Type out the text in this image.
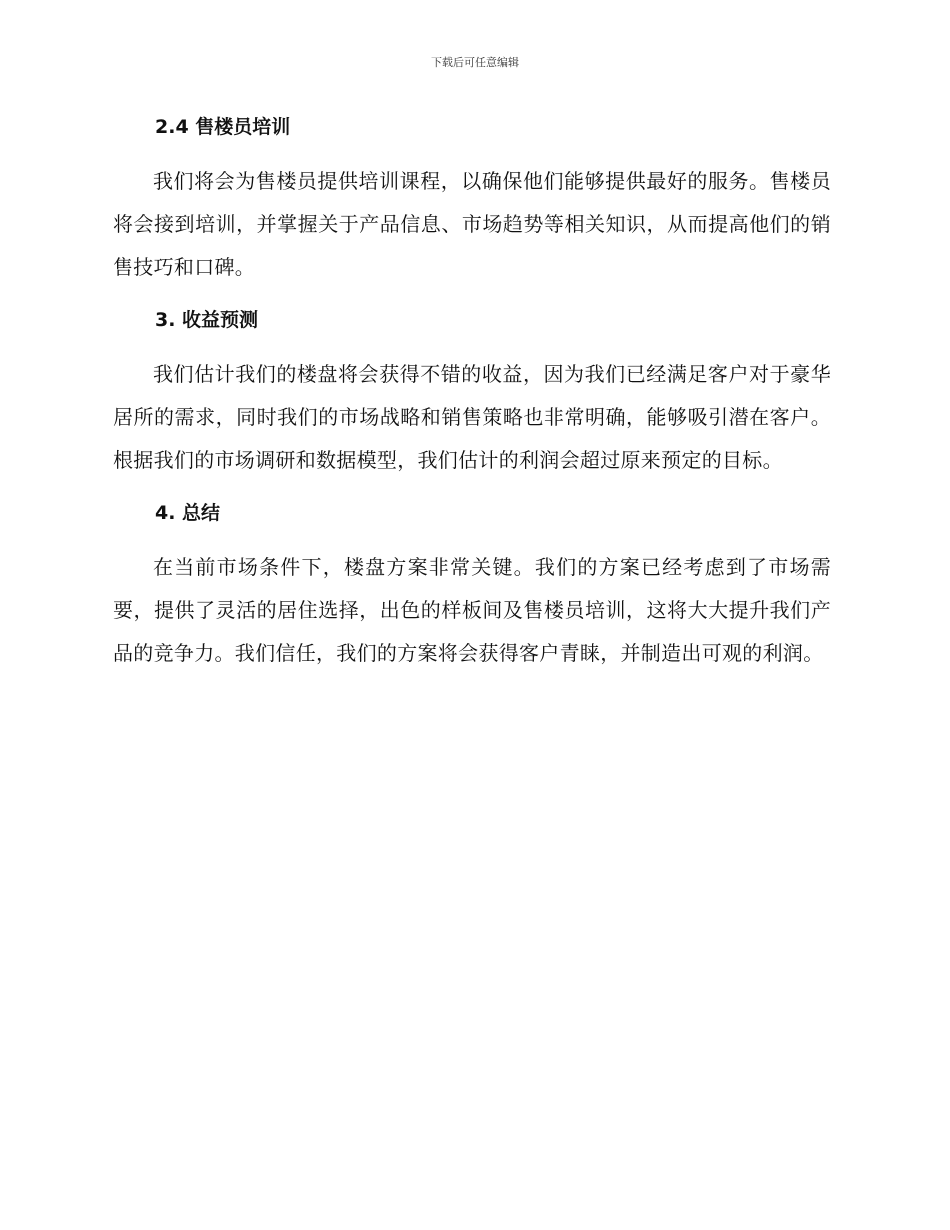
下载后可任意编辑
2.4 售楼员培训

我们将会为售楼员提供培训课程，以确保他们能够提供最好的服务。售楼员将会接到培训，并掌握关于产品信息、市场趋势等相关知识，从而提高他们的销售技巧和口碑。

3. 收益预测

我们估计我们的楼盘将会获得不错的收益，因为我们已经满足客户对于豪华居所的需求，同时我们的市场战略和销售策略也非常明确，能够吸引潜在客户。根据我们的市场调研和数据模型，我们估计的利润会超过原来预定的目标。

4. 总结

在当前市场条件下，楼盘方案非常关键。我们的方案已经考虑到了市场需要，提供了灵活的居住选择，出色的样板间及售楼员培训，这将大大提升我们产品的竞争力。我们信任，我们的方案将会获得客户青睐，并制造出可观的利润。
